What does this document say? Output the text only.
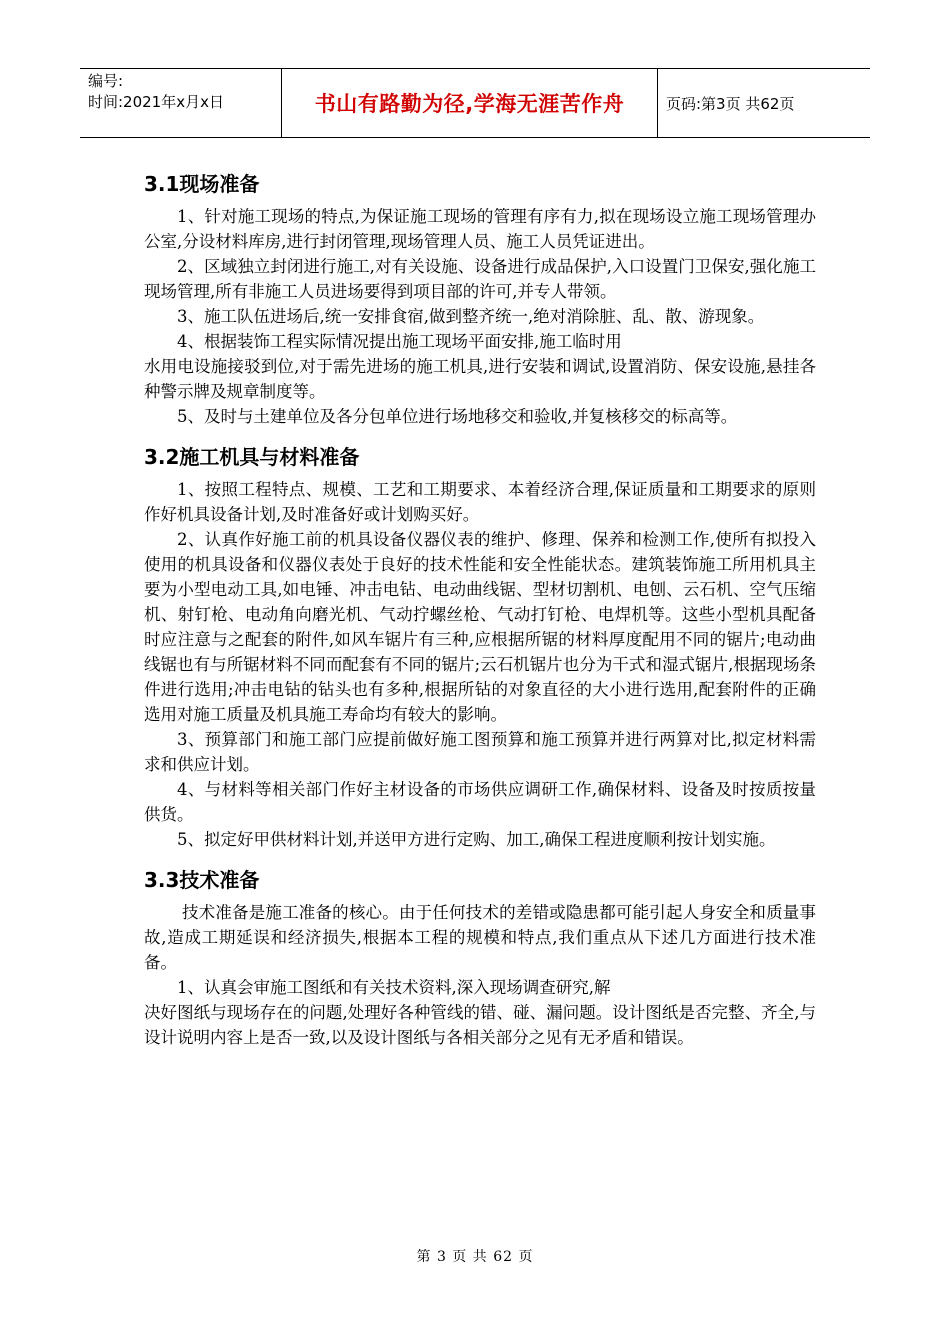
编号:
时间:2021年x月x日	书山有路勤为径,学海无涯苦作舟	页码:第3页 共62页
3.1现场准备

1、针对施工现场的特点,为保证施工现场的管理有序有力,拟在现场设立施工现场管理办公室,分设材料库房,进行封闭管理,现场管理人员、施工人员凭证进出。

2、区域独立封闭进行施工,对有关设施、设备进行成品保护,入口设置门卫保安,强化施工现场管理,所有非施工人员进场要得到项目部的许可,并专人带领。

3、施工队伍进场后,统一安排食宿,做到整齐统一,绝对消除脏、乱、散、游现象。

4、根据装饰工程实际情况提出施工现场平面安排,施工临时用

水用电设施接驳到位,对于需先进场的施工机具,进行安装和调试,设置消防、保安设施,悬挂各种警示牌及规章制度等。

5、及时与土建单位及各分包单位进行场地移交和验收,并复核移交的标高等。

3.2施工机具与材料准备

1、按照工程特点、规模、工艺和工期要求、本着经济合理,保证质量和工期要求的原则作好机具设备计划,及时准备好或计划购买好。

2、认真作好施工前的机具设备仪器仪表的维护、修理、保养和检测工作,使所有拟投入使用的机具设备和仪器仪表处于良好的技术性能和安全性能状态。建筑装饰施工所用机具主要为小型电动工具,如电锤、冲击电钻、电动曲线锯、型材切割机、电刨、云石机、空气压缩机、射钉枪、电动角向磨光机、气动拧螺丝枪、气动打钉枪、电焊机等。这些小型机具配备时应注意与之配套的附件,如风车锯片有三种,应根据所锯的材料厚度配用不同的锯片;电动曲线锯也有与所锯材料不同而配套有不同的锯片;云石机锯片也分为干式和湿式锯片,根据现场条件进行选用;冲击电钻的钻头也有多种,根据所钻的对象直径的大小进行选用,配套附件的正确选用对施工质量及机具施工寿命均有较大的影响。

3、预算部门和施工部门应提前做好施工图预算和施工预算并进行两算对比,拟定材料需求和供应计划。

4、与材料等相关部门作好主材设备的市场供应调研工作,确保材料、设备及时按质按量供货。

5、拟定好甲供材料计划,并送甲方进行定购、加工,确保工程进度顺利按计划实施。

3.3技术准备

技术准备是施工准备的核心。由于任何技术的差错或隐患都可能引起人身安全和质量事故,造成工期延误和经济损失,根据本工程的规模和特点,我们重点从下述几方面进行技术准备。

1、认真会审施工图纸和有关技术资料,深入现场调查研究,解

决好图纸与现场存在的问题,处理好各种管线的错、碰、漏问题。设计图纸是否完整、齐全,与设计说明内容上是否一致,以及设计图纸与各相关部分之见有无矛盾和错误。

第 3 页 共 62 页
